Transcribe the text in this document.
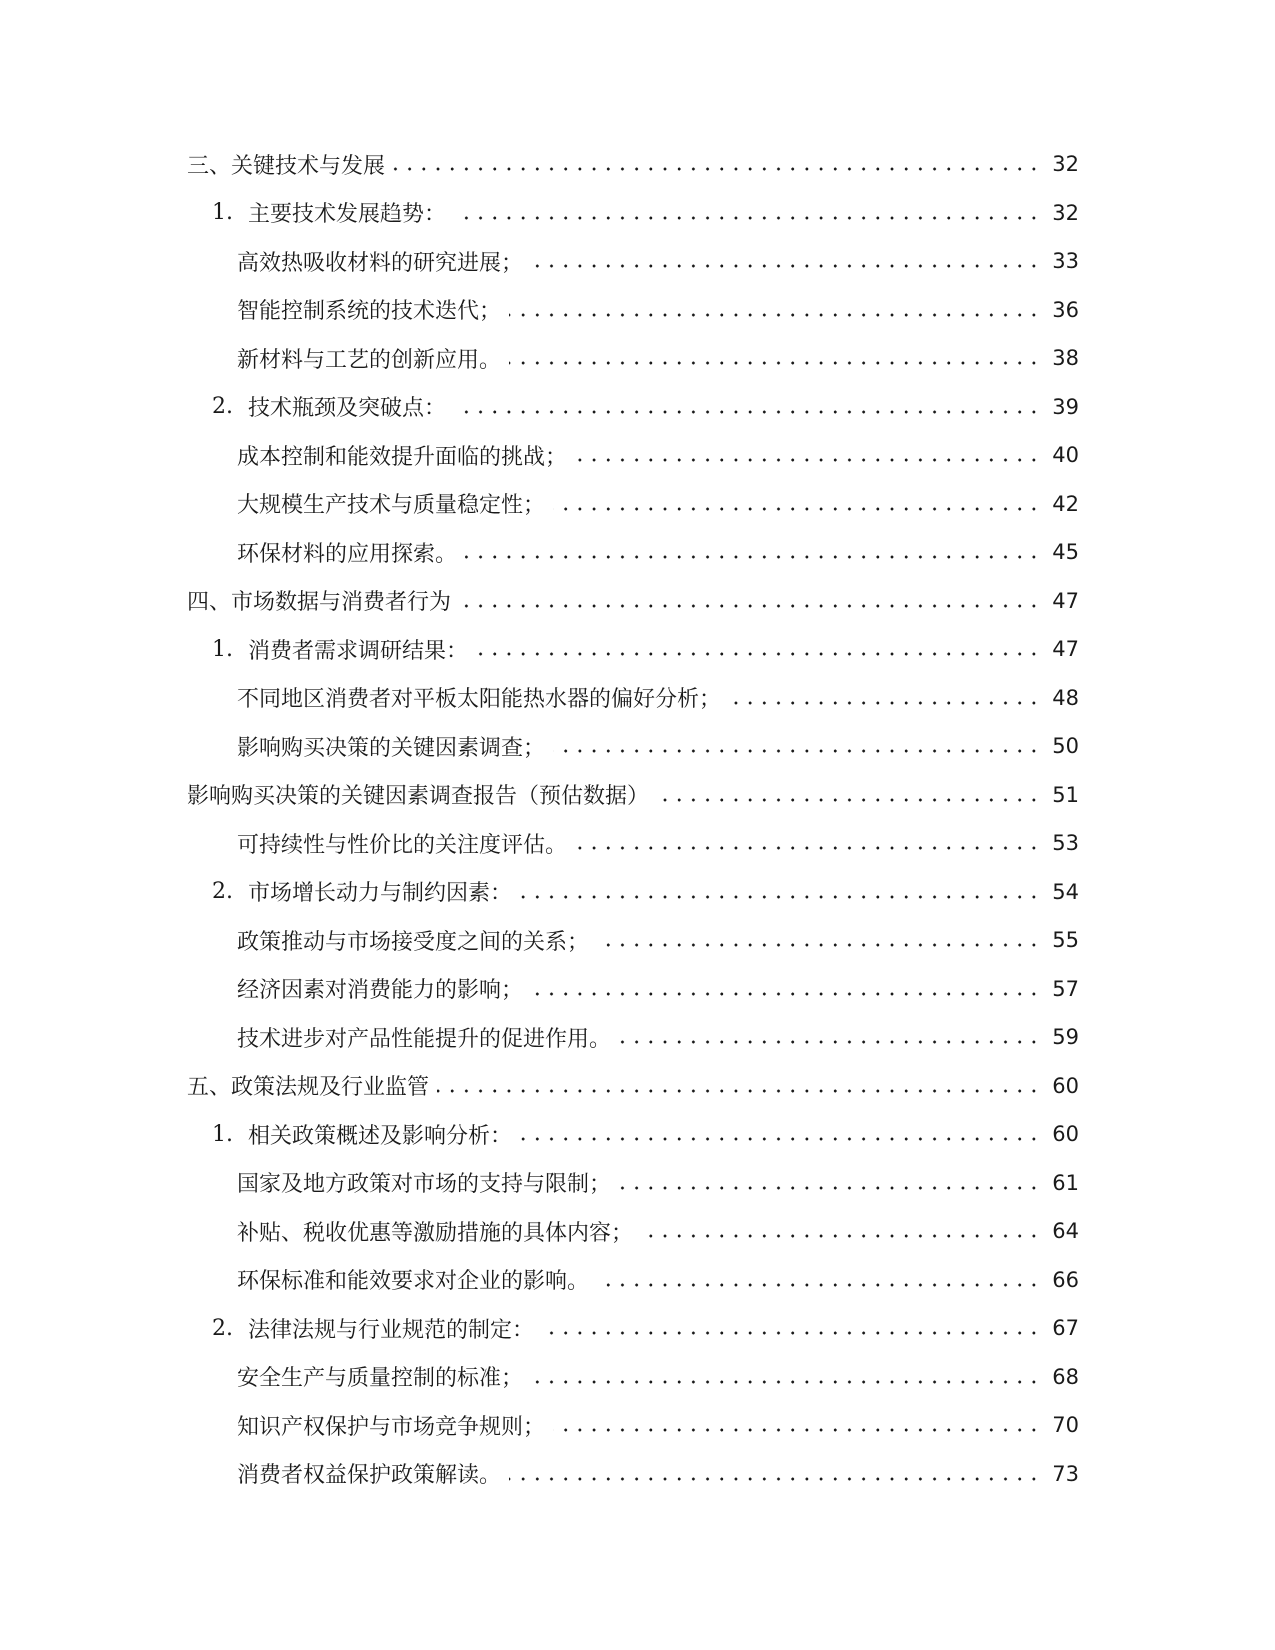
三、关键技术与发展	32
1. 主要技术发展趋势：	32
高效热吸收材料的研究进展；	33
智能控制系统的技术迭代；	36
新材料与工艺的创新应用。	38
2. 技术瓶颈及突破点：	39
成本控制和能效提升面临的挑战；	40
大规模生产技术与质量稳定性；	42
环保材料的应用探索。	45
四、市场数据与消费者行为	47
1. 消费者需求调研结果：	47
不同地区消费者对平板太阳能热水器的偏好分析；	48
影响购买决策的关键因素调查；	50
影响购买决策的关键因素调查报告（预估数据）	51
可持续性与性价比的关注度评估。	53
2. 市场增长动力与制约因素：	54
政策推动与市场接受度之间的关系；	55
经济因素对消费能力的影响；	57
技术进步对产品性能提升的促进作用。	59
五、政策法规及行业监管	60
1. 相关政策概述及影响分析：	60
国家及地方政策对市场的支持与限制；	61
补贴、税收优惠等激励措施的具体内容；	64
环保标准和能效要求对企业的影响。	66
2. 法律法规与行业规范的制定：	67
安全生产与质量控制的标准；	68
知识产权保护与市场竞争规则；	70
消费者权益保护政策解读。	73
